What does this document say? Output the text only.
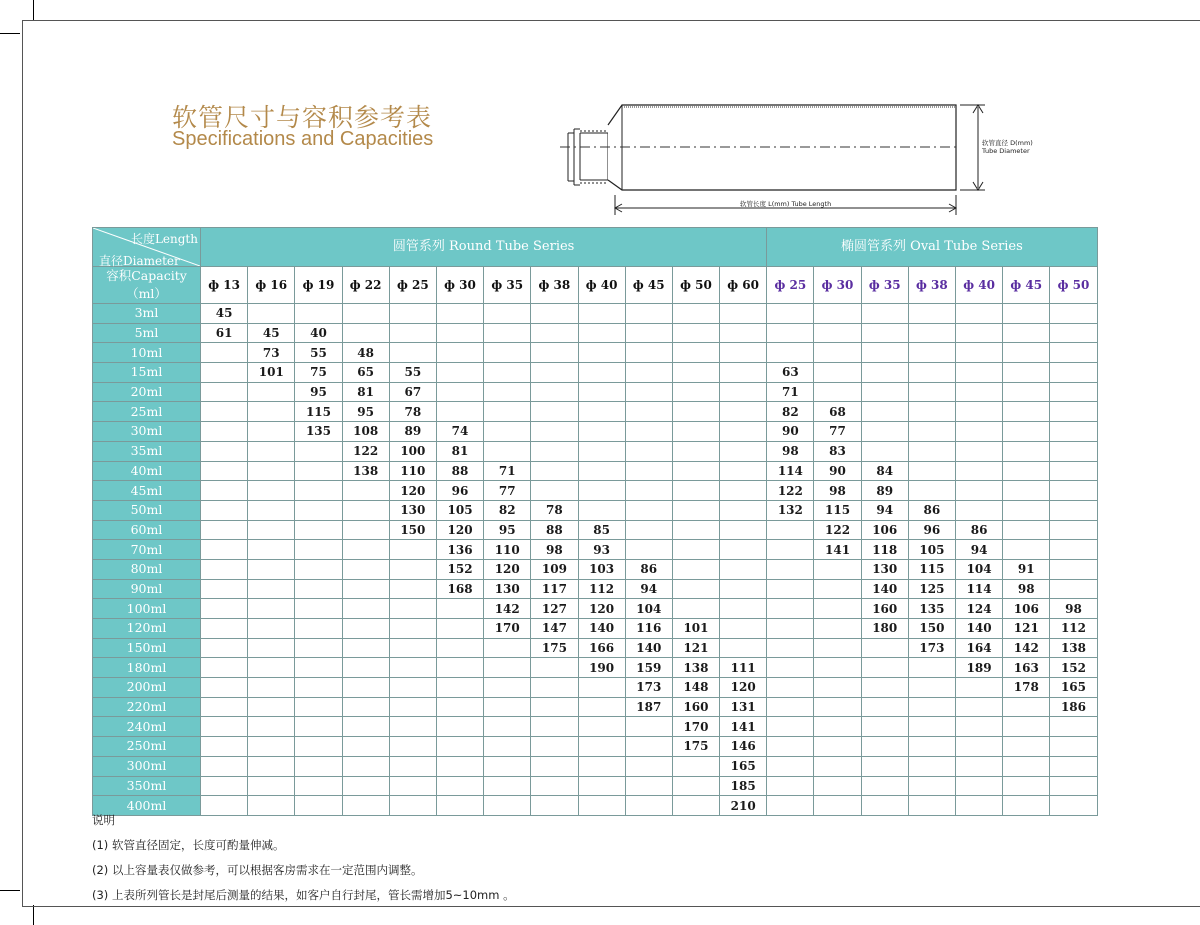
软管尺寸与容积参考表
Specifications and Capacities	软管直径 D(mm)
Tube Diameter
软管长度 L(mm) Tube Length
长度Length
直径Diameter	圆管系列 Round Tube Series												椭圆管系列 Oval Tube Series						
容积Capacity（ml）	ф 13	ф 16	ф 19	ф 22	ф 25	ф 30	ф 35	ф 38	ф 40	ф 45	ф 50	ф 60	ф 25	ф 30	ф 35	ф 38	ф 40	ф 45	ф 50
3ml	45																		
5ml	61	45	40																
10ml		73	55	48															
15ml		101	75	65	55								63						
20ml			95	81	67								71						
25ml			115	95	78								82	68					
30ml			135	108	89	74							90	77					
35ml				122	100	81							98	83					
40ml				138	110	88	71						114	90	84				
45ml					120	96	77						122	98	89				
50ml					130	105	82	78					132	115	94	86			
60ml					150	120	95	88	85					122	106	96	86		
70ml						136	110	98	93					141	118	105	94		
80ml						152	120	109	103	86					130	115	104	91	
90ml						168	130	117	112	94					140	125	114	98	
100ml							142	127	120	104					160	135	124	106	98
120ml							170	147	140	116	101				180	150	140	121	112
150ml								175	166	140	121					173	164	142	138
180ml									190	159	138	111					189	163	152
200ml										173	148	120						178	165
220ml										187	160	131							186
240ml											170	141							
250ml											175	146							
300ml												165							
350ml												185							
400ml												210							
说明
(1) 软管直径固定，长度可酌量伸减。
(2) 以上容量表仅做参考，可以根据客房需求在一定范围内调整。
(3) 上表所列管长是封尾后测量的结果，如客户自行封尾，管长需增加5~10mm 。
